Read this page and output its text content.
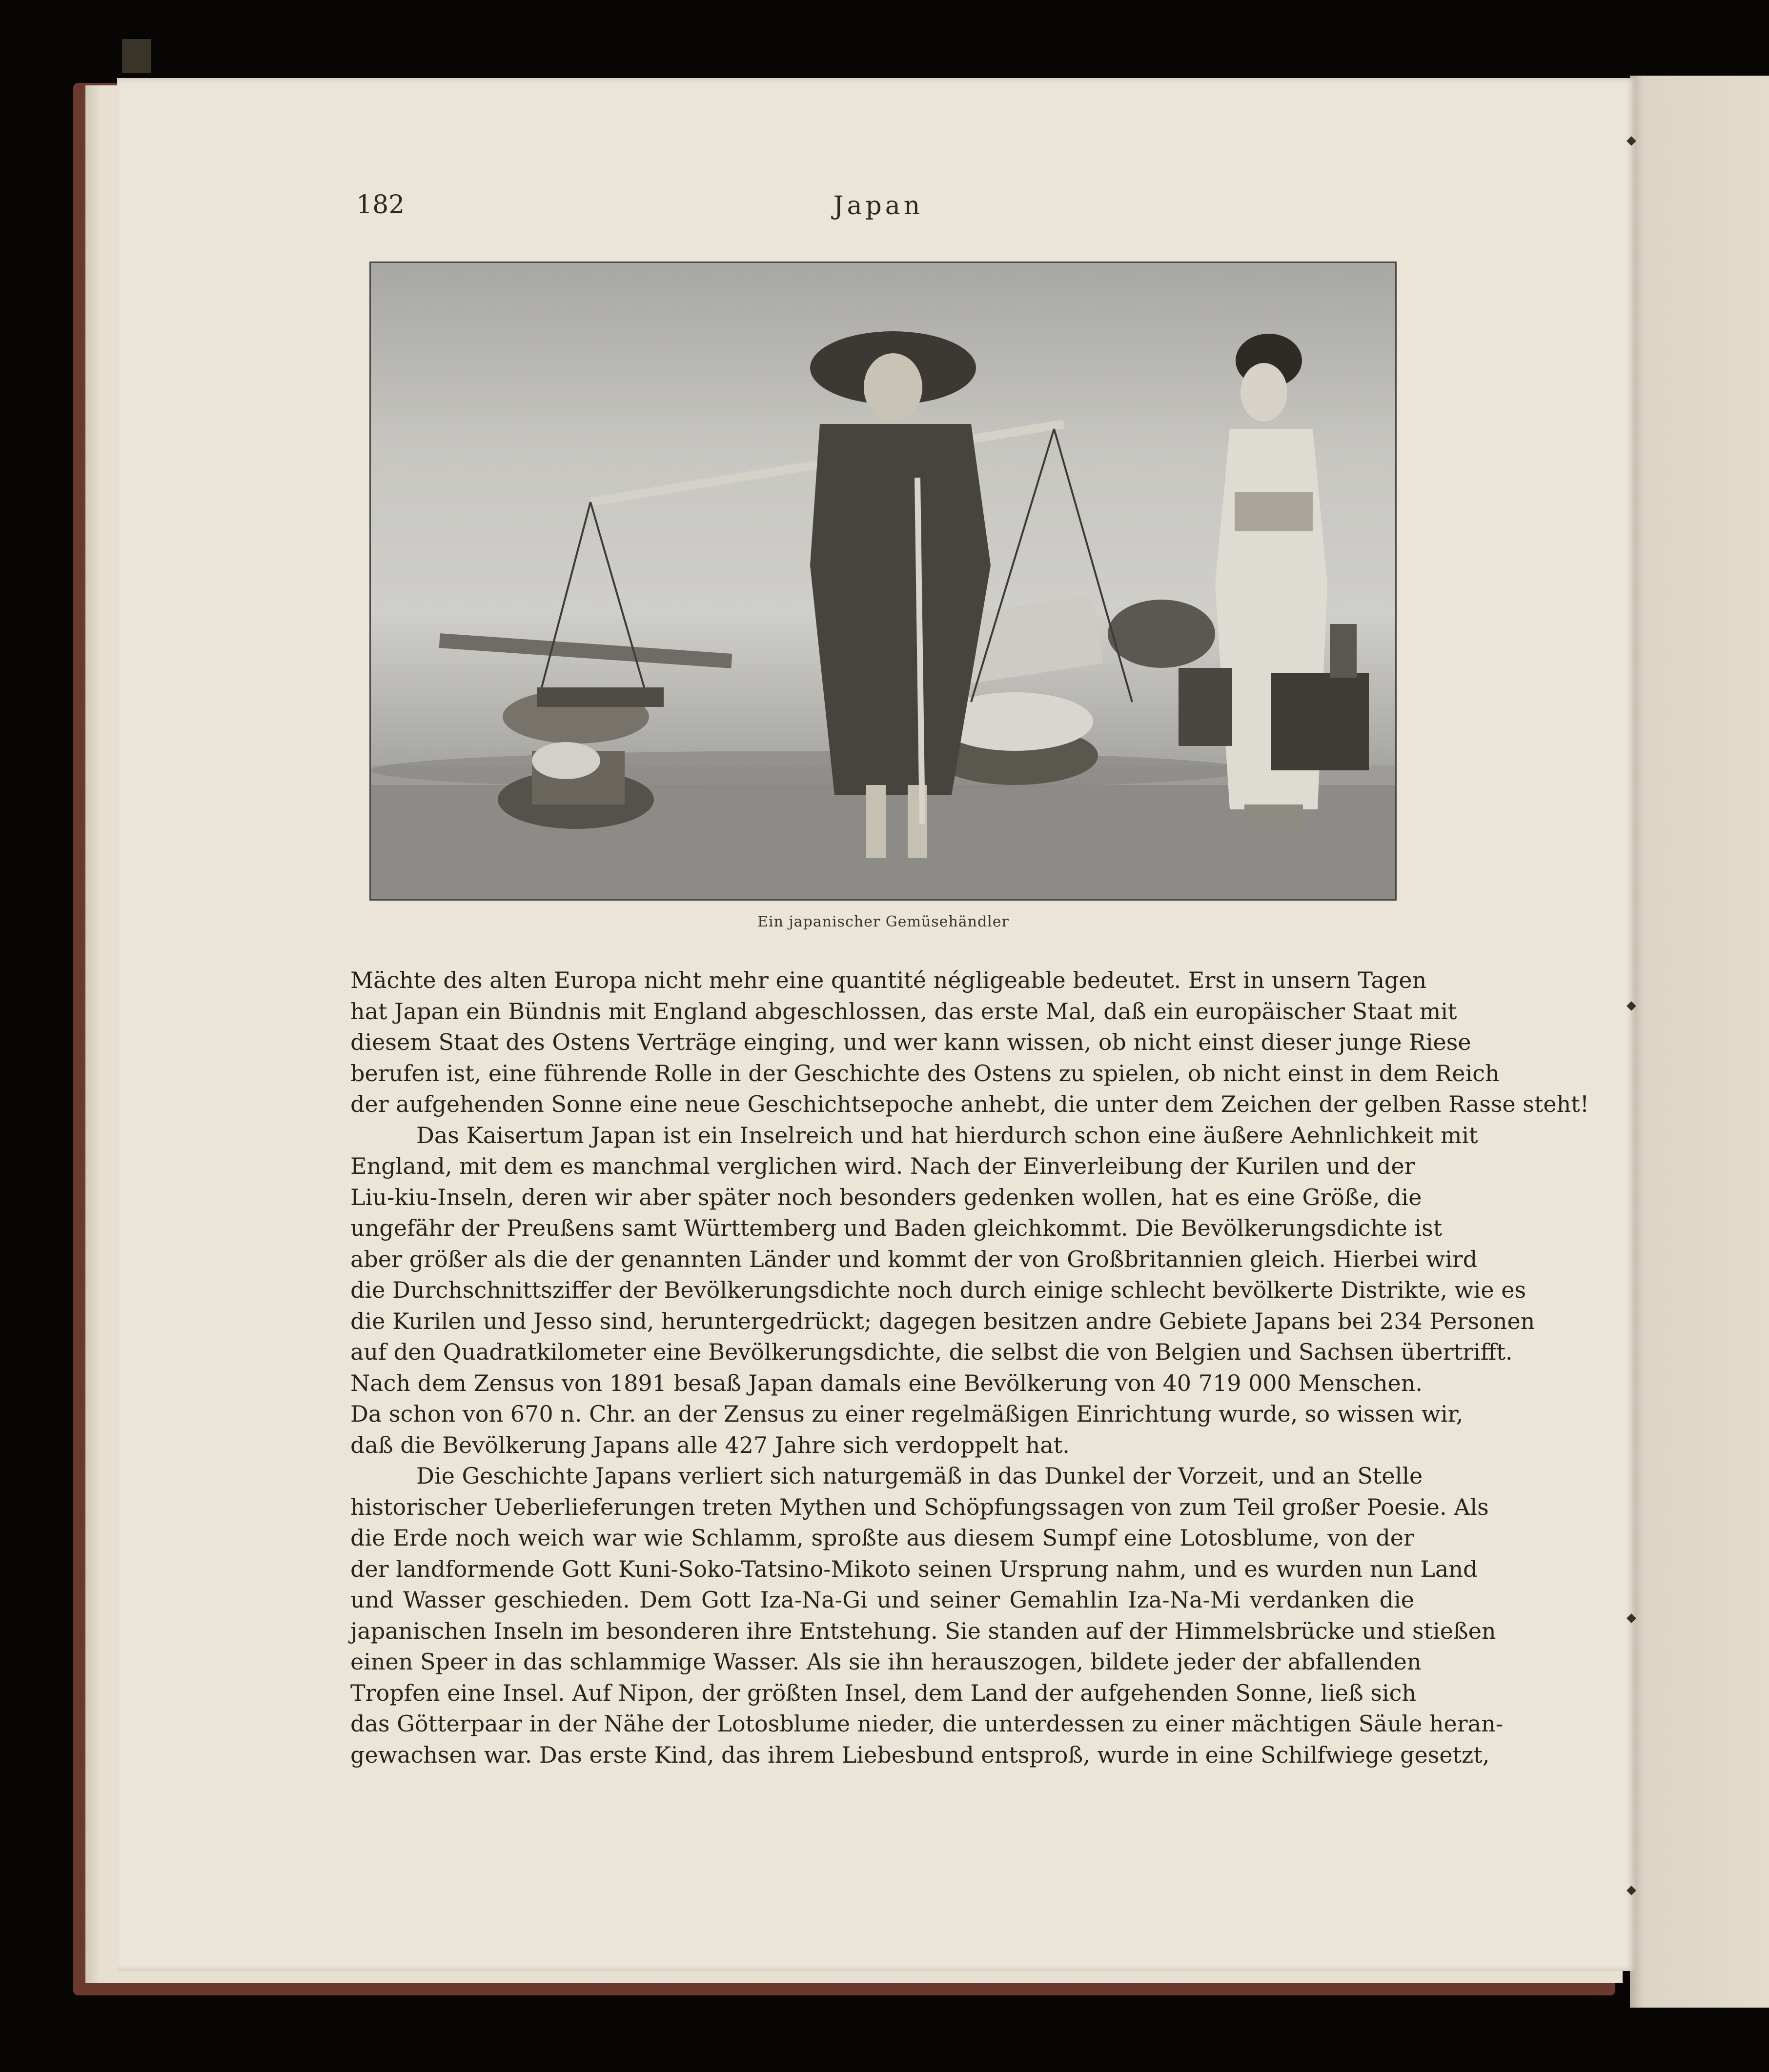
182	Japan
Ein japanischer Gemüsehändler
Mächte des alten Europa nicht mehr eine quantité négligeable bedeutet. Erst in unsern Tagen
hat Japan ein Bündnis mit England abgeschlossen, das erste Mal, daß ein europäischer Staat mit
diesem Staat des Ostens Verträge einging, und wer kann wissen, ob nicht einst dieser junge Riese
berufen ist, eine führende Rolle in der Geschichte des Ostens zu spielen, ob nicht einst in dem Reich
der aufgehenden Sonne eine neue Geschichtsepoche anhebt, die unter dem Zeichen der gelben Rasse steht!
Das Kaisertum Japan ist ein Inselreich und hat hierdurch schon eine äußere Aehnlichkeit mit
England, mit dem es manchmal verglichen wird. Nach der Einverleibung der Kurilen und der
Liu-kiu-Inseln, deren wir aber später noch besonders gedenken wollen, hat es eine Größe, die
ungefähr der Preußens samt Württemberg und Baden gleichkommt. Die Bevölkerungsdichte ist
aber größer als die der genannten Länder und kommt der von Großbritannien gleich. Hierbei wird
die Durchschnittsziffer der Bevölkerungsdichte noch durch einige schlecht bevölkerte Distrikte, wie es
die Kurilen und Jesso sind, heruntergedrückt; dagegen besitzen andre Gebiete Japans bei 234 Personen
auf den Quadratkilometer eine Bevölkerungsdichte, die selbst die von Belgien und Sachsen übertrifft.
Nach dem Zensus von 1891 besaß Japan damals eine Bevölkerung von 40 719 000 Menschen.
Da schon von 670 n. Chr. an der Zensus zu einer regelmäßigen Einrichtung wurde, so wissen wir,
daß die Bevölkerung Japans alle 427 Jahre sich verdoppelt hat.
Die Geschichte Japans verliert sich naturgemäß in das Dunkel der Vorzeit, und an Stelle
historischer Ueberlieferungen treten Mythen und Schöpfungssagen von zum Teil großer Poesie. Als
die Erde noch weich war wie Schlamm, sproßte aus diesem Sumpf eine Lotosblume, von der
der landformende Gott Kuni-Soko-Tatsino-Mikoto seinen Ursprung nahm, und es wurden nun Land
und Wasser geschieden. Dem Gott Iza-Na-Gi und seiner Gemahlin Iza-Na-Mi verdanken die
japanischen Inseln im besonderen ihre Entstehung. Sie standen auf der Himmelsbrücke und stießen
einen Speer in das schlammige Wasser. Als sie ihn herauszogen, bildete jeder der abfallenden
Tropfen eine Insel. Auf Nipon, der größten Insel, dem Land der aufgehenden Sonne, ließ sich
das Götterpaar in der Nähe der Lotosblume nieder, die unterdessen zu einer mächtigen Säule heran-
gewachsen war. Das erste Kind, das ihrem Liebesbund entsproß, wurde in eine Schilfwiege gesetzt,
